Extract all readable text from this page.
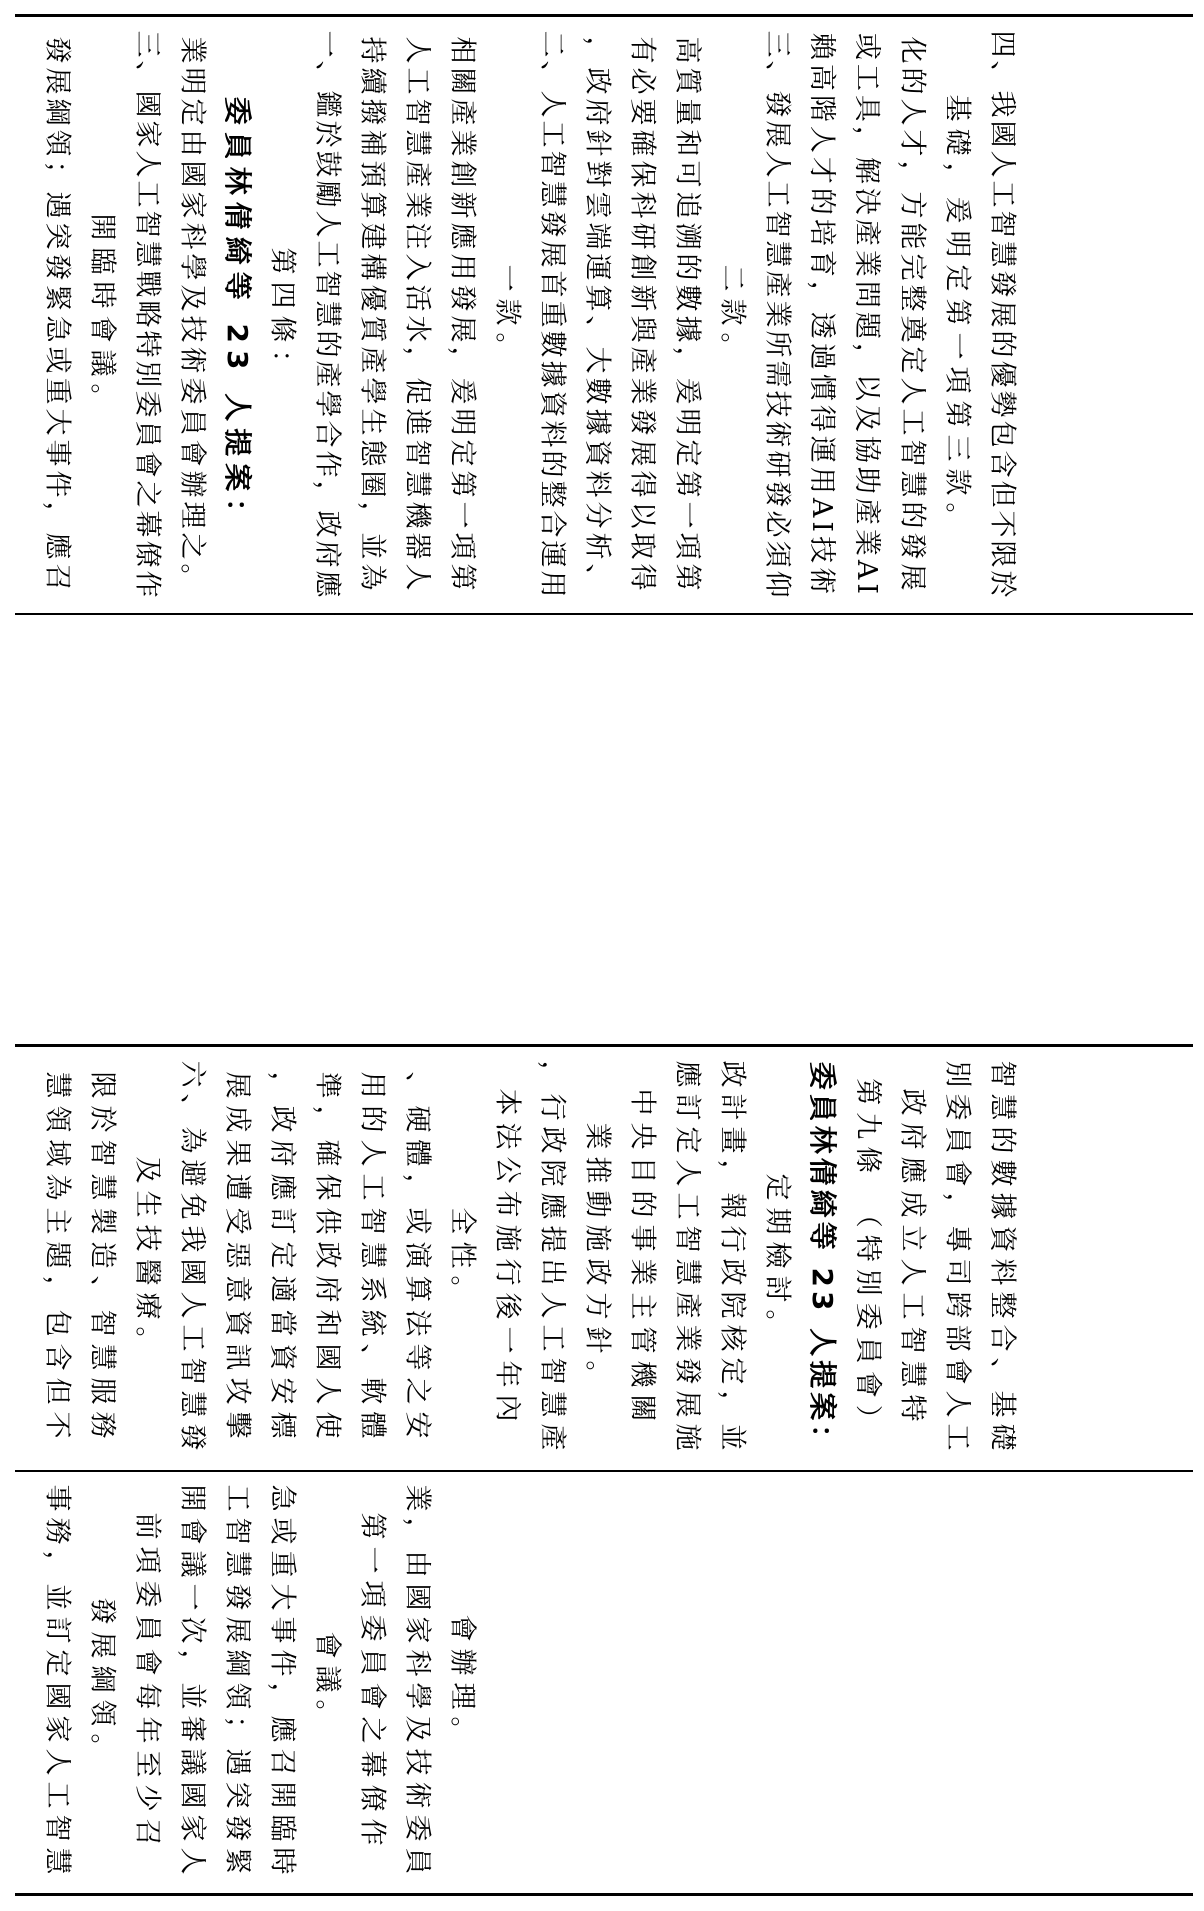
發展綱領；遇突發緊急或重大事件，應召 開臨時會議。 三、國家人工智慧戰略特別委員會之幕僚作 業明定由國家科學及技術委員會辦理之。 委員林倩綺等 23 人提案： 第四條： 一、鑑於鼓勵人工智慧的產學合作，政府應 持續撥補預算建構優質產學生態圈，並為 人工智慧產業注入活水，促進智慧機器人 相關產業創新應用發展，爰明定第一項第 一款。 二、人工智慧發展首重數據資料的整合運用 ，政府針對雲端運算、大數據資料分析、 有必要確保科研創新與產業發展得以取得 高質量和可追溯的數據，爰明定第一項第 二款。 三、發展人工智慧產業所需技術研發必須仰 賴高階人才的培育，透過慣得運用AI技術 或工具，解決產業問題，以及協助產業AI 化的人才，方能完整奠定人工智慧的發展 基礎，爰明定第一項第三款。 四、我國人工智慧發展的優勢包含但不限於
慧領域為主題，包含但不 限於智慧製造、智慧服務 及生技醫療。 六、為避免我國人工智慧發 展成果遭受惡意資訊攻擊 ，政府應訂定適當資安標 準，確保供政府和國人使 用的人工智慧系統、軟體 、硬體，或演算法等之安 全性。 本法公布施行後一年內 ，行政院應提出人工智慧產 業推動施政方針。 中央目的事業主管機關 應訂定人工智慧產業發展施 政計畫，報行政院核定，並 定期檢討。 委員林倩綺等 23 人提案： 第九條　（特別委員會） 政府應成立人工智慧特 別委員會，專司跨部會人工 智慧的數據資料整合、基礎
事務，並訂定國家人工智慧 發展綱領。 前項委員會每年至少召 開會議一次，並審議國家人 工智慧發展綱領；遇突發緊 急或重大事件，應召開臨時 會議。 第一項委員會之幕僚作 業，由國家科學及技術委員 會辦理。
